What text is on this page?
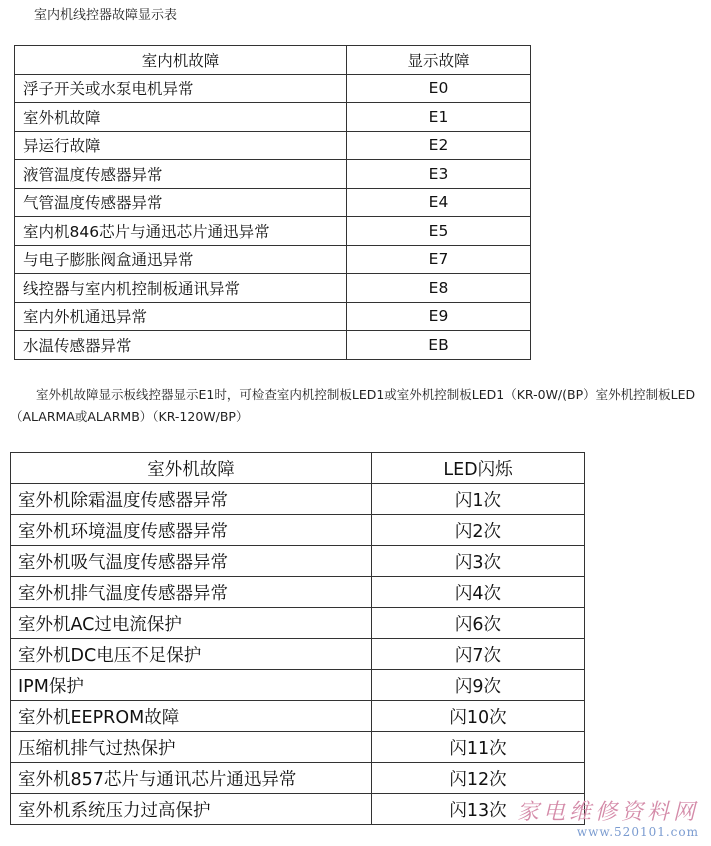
室内机线控器故障显示表
室内机故障	显示故障
浮子开关或水泵电机异常	E0
室外机故障	E1
异运行故障	E2
液管温度传感器异常	E3
气管温度传感器异常	E4
室内机846芯片与通迅芯片通迅异常	E5
与电子膨胀阀盒通迅异常	E7
线控器与室内机控制板通讯异常	E8
室内外机通迅异常	E9
水温传感器异常	EB
室外机故障显示板线控器显示E1时，可检查室内机控制板LED1或室外机控制板LED1（KR-0W/(BP）室外机控制板LED（ALARMA或ALARMB）（KR-120W/BP）
室外机故障	LED闪烁
室外机除霜温度传感器异常	闪1次
室外机环境温度传感器异常	闪2次
室外机吸气温度传感器异常	闪3次
室外机排气温度传感器异常	闪4次
室外机AC过电流保护	闪6次
室外机DC电压不足保护	闪7次
IPM保护	闪9次
室外机EEPROM故障	闪10次
压缩机排气过热保护	闪11次
室外机857芯片与通讯芯片通迅异常	闪12次
室外机系统压力过高保护	闪13次 家电维修资料网
www.520101.com
